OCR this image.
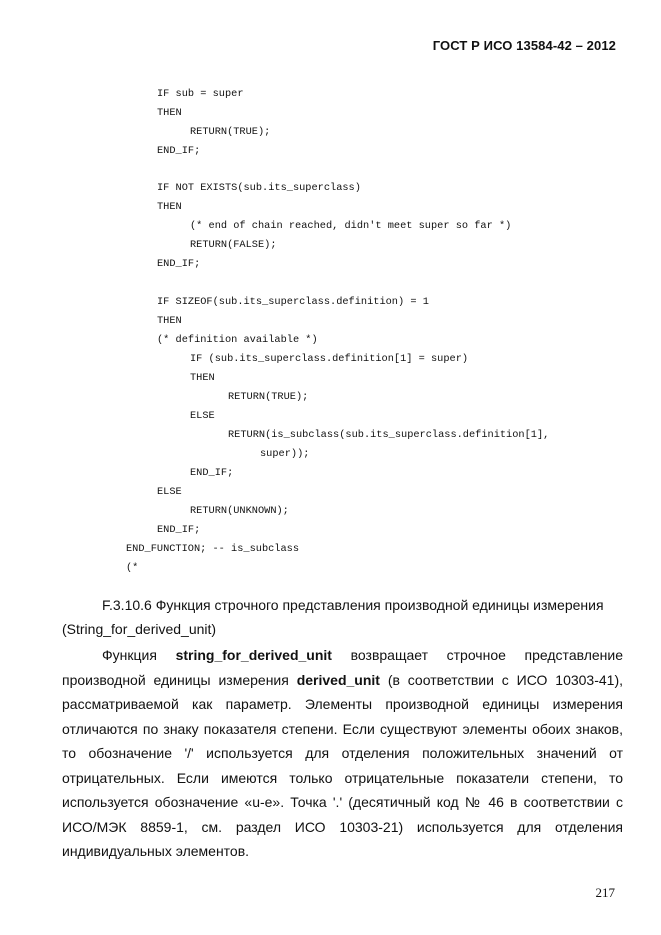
ГОСТ Р ИСО 13584-42 – 2012
IF sub = super
THEN
RETURN(TRUE);
END_IF;
IF NOT EXISTS(sub.its_superclass)
THEN
(* end of chain reached, didn't meet super so far *)
RETURN(FALSE);
END_IF;
IF SIZEOF(sub.its_superclass.definition) = 1
THEN
(* definition available *)
IF (sub.its_superclass.definition[1] = super)
THEN
RETURN(TRUE);
ELSE
RETURN(is_subclass(sub.its_superclass.definition[1],
super));
END_IF;
ELSE
RETURN(UNKNOWN);
END_IF;
END_FUNCTION; -- is_subclass
(*
F.3.10.6 Функция строчного представления производной единицы измерения (String_for_derived_unit)
Функция string_for_derived_unit возвращает строчное представление производной единицы измерения derived_unit (в соответствии с ИСО 10303-41), рассматриваемой как параметр. Элементы производной единицы измерения отличаются по знаку показателя степени. Если существуют элементы обоих знаков, то обозначение '/' используется для отделения положительных значений от отрицательных. Если имеются только отрицательные показатели степени, то используется обозначение «u-e». Точка '.' (десятичный код № 46 в соответствии с ИСО/МЭК 8859-1, см. раздел ИСО 10303-21) используется для отделения индивидуальных элементов.
217
